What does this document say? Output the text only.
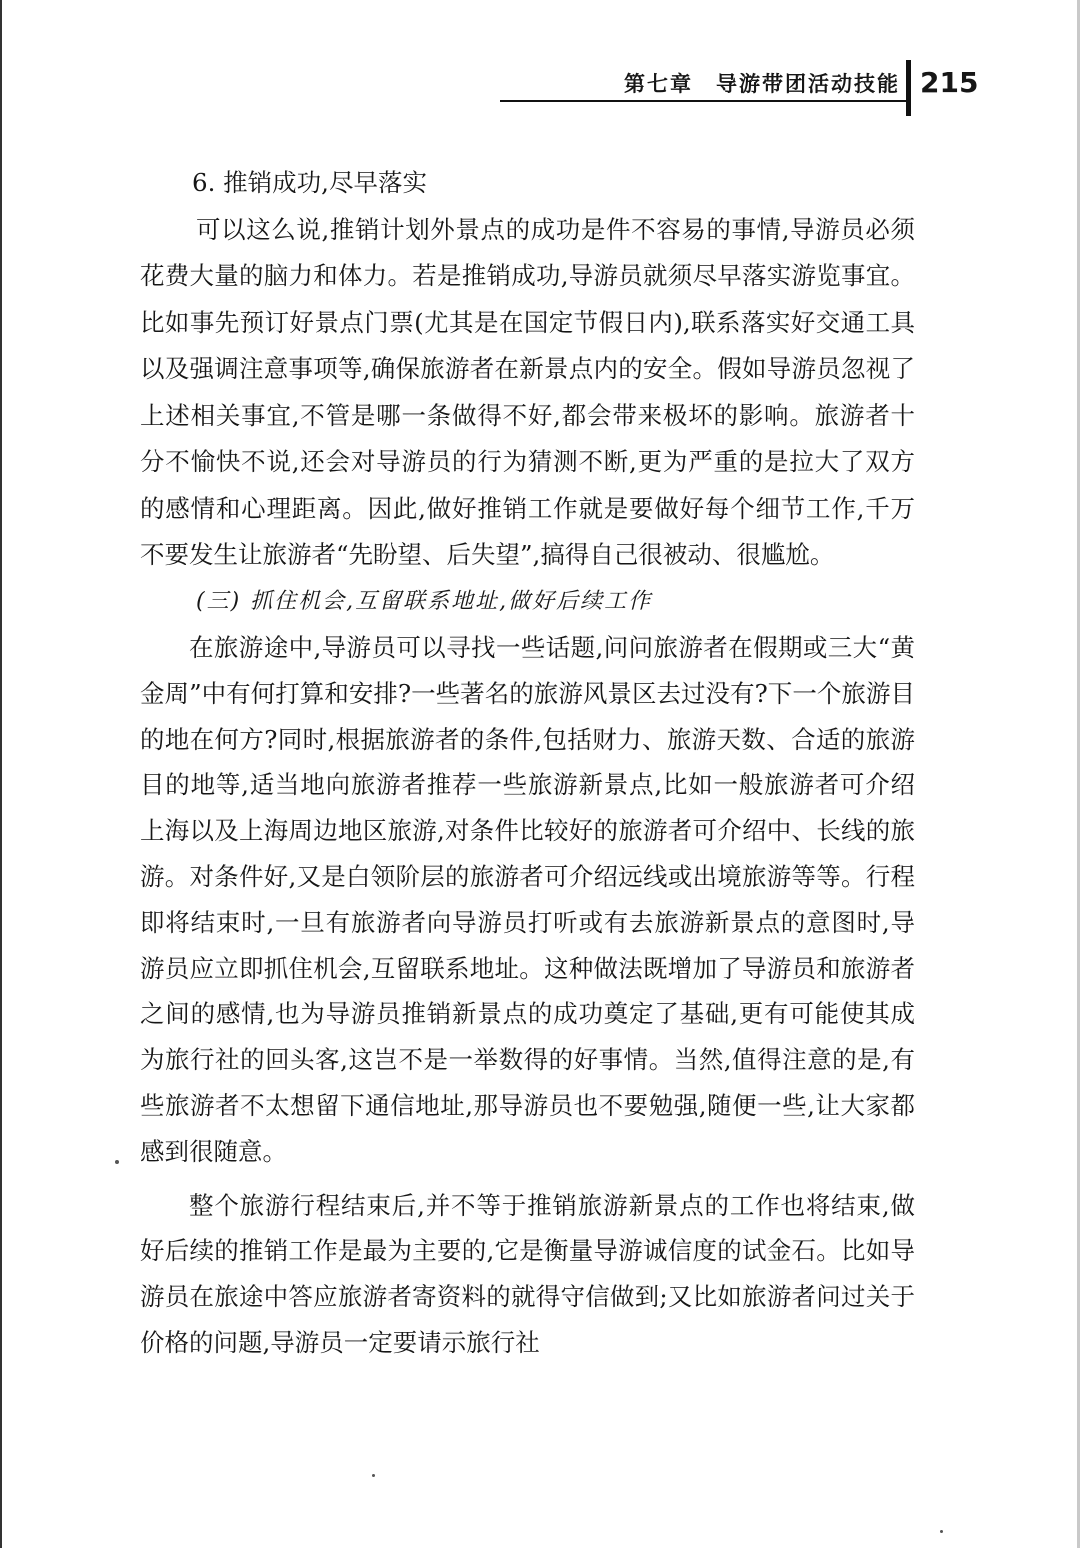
第七章　导游带团活动技能 215

6. 推销成功,尽早落实

可以这么说,推销计划外景点的成功是件不容易的事情,导游员必须花费大量的脑力和体力。若是推销成功,导游员就须尽早落实游览事宜。比如事先预订好景点门票(尤其是在国定节假日内),联系落实好交通工具以及强调注意事项等,确保旅游者在新景点内的安全。假如导游员忽视了上述相关事宜,不管是哪一条做得不好,都会带来极坏的影响。旅游者十分不愉快不说,还会对导游员的行为猜测不断,更为严重的是拉大了双方的感情和心理距离。因此,做好推销工作就是要做好每个细节工作,千万不要发生让旅游者“先盼望、后失望”,搞得自己很被动、很尴尬。

(三) 抓住机会,互留联系地址,做好后续工作

在旅游途中,导游员可以寻找一些话题,问问旅游者在假期或三大“黄金周”中有何打算和安排?一些著名的旅游风景区去过没有?下一个旅游目的地在何方?同时,根据旅游者的条件,包括财力、旅游天数、合适的旅游目的地等,适当地向旅游者推荐一些旅游新景点,比如一般旅游者可介绍上海以及上海周边地区旅游,对条件比较好的旅游者可介绍中、长线的旅游。对条件好,又是白领阶层的旅游者可介绍远线或出境旅游等等。行程即将结束时,一旦有旅游者向导游员打听或有去旅游新景点的意图时,导游员应立即抓住机会,互留联系地址。这种做法既增加了导游员和旅游者之间的感情,也为导游员推销新景点的成功奠定了基础,更有可能使其成为旅行社的回头客,这岂不是一举数得的好事情。当然,值得注意的是,有些旅游者不太想留下通信地址,那导游员也不要勉强,随便一些,让大家都感到很随意。

整个旅游行程结束后,并不等于推销旅游新景点的工作也将结束,做好后续的推销工作是最为主要的,它是衡量导游诚信度的试金石。比如导游员在旅途中答应旅游者寄资料的就得守信做到;又比如旅游者问过关于价格的问题,导游员一定要请示旅行社
